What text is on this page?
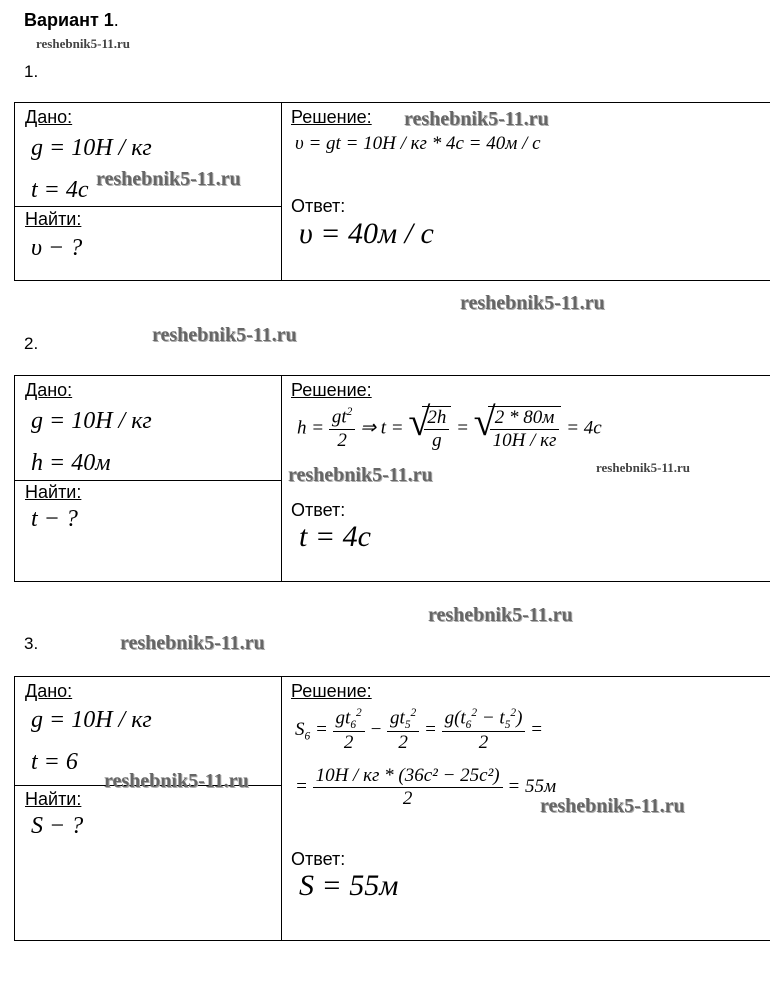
Вариант 1.
reshebnik5-11.ru
1.
Дано:
g = 10H / кг
t = 4c
Найти:
υ − ?
Решение:
υ = gt = 10H / кг * 4c = 40м / c
Ответ:
υ = 40м / c
reshebnik5-11.ru
reshebnik5-11.ru
reshebnik5-11.ru
2.	reshebnik5-11.ru
Дано:
g = 10H / кг
h = 40м
Найти:
t − ?
Решение:
$h = \frac{gt^2}{2}$ ⇒ t = √
$\frac{2h}{g}$ = √
$\frac{2 * 80м}{10H / кг} = 4c$
Ответ:
t = 4c
reshebnik5-11.ru
reshebnik5-11.ru
reshebnik5-11.ru
3.	reshebnik5-11.ru
Дано:
g = 10H / кг
t = 6
Найти:
S − ?
Решение:
$S_6 = \frac{gt_6^2}{2} - \frac{gt_5^2}{2} = \frac{g(t_6^2 - t_5^2)}{2}$ =
= $\frac{\text{10H / кг * (36c² − 25c²)}}{2} = 55м$
Ответ:
S = 55м
reshebnik5-11.ru
reshebnik5-11.ru
